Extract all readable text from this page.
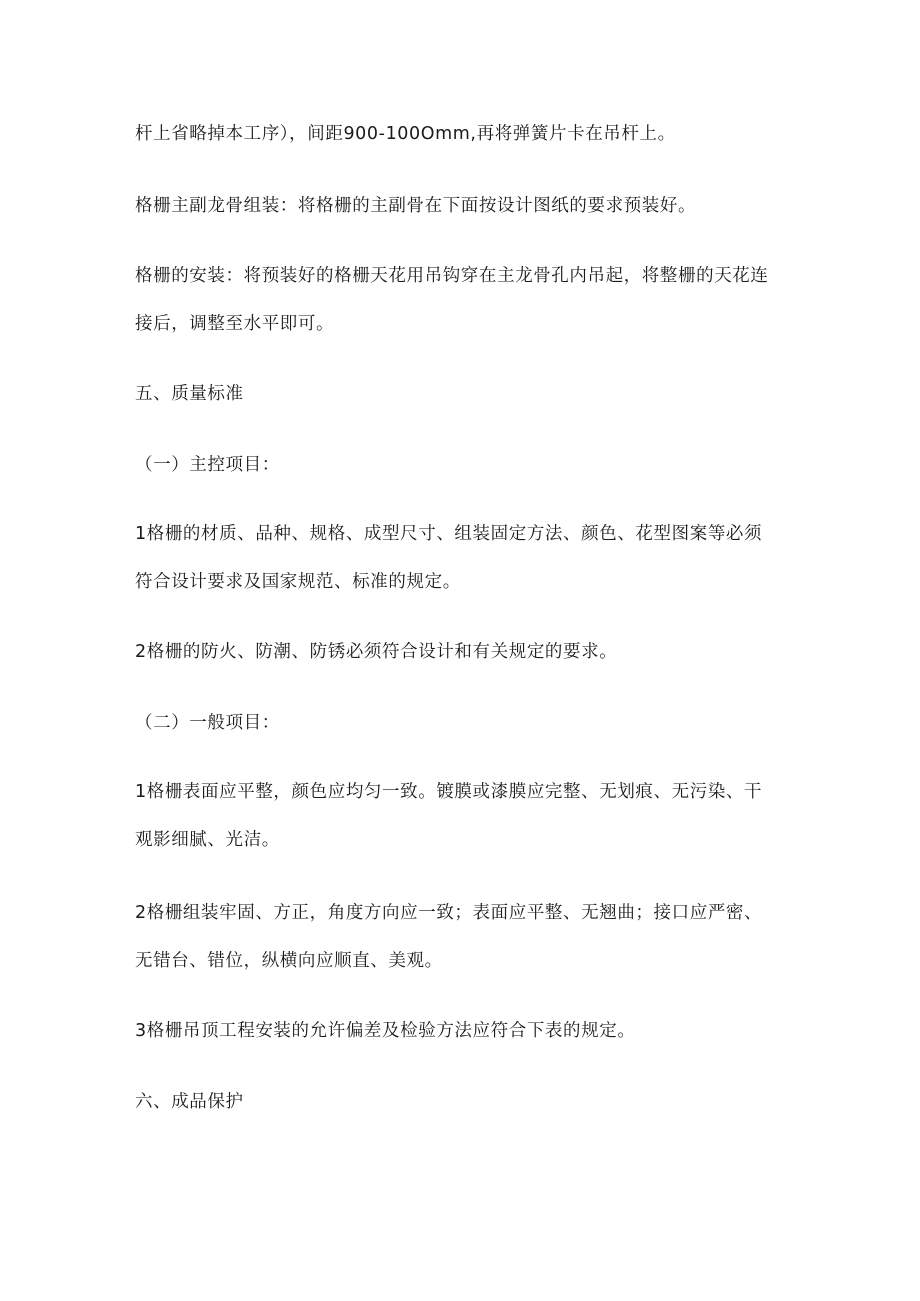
杆上省略掉本工序），间距900-100Omm,再将弹簧片卡在吊杆上。

格栅主副龙骨组装：将格栅的主副骨在下面按设计图纸的要求预装好。

格栅的安装：将预装好的格栅天花用吊钩穿在主龙骨孔内吊起，将整栅的天花连
接后，调整至水平即可。

五、质量标准

（一）主控项目：

1格栅的材质、品种、规格、成型尺寸、组装固定方法、颜色、花型图案等必须
符合设计要求及国家规范、标准的规定。

2格栅的防火、防潮、防锈必须符合设计和有关规定的要求。

（二）一般项目：

1格栅表面应平整，颜色应均匀一致。镀膜或漆膜应完整、无划痕、无污染、干
观影细腻、光洁。

2格栅组装牢固、方正，角度方向应一致；表面应平整、无翘曲；接口应严密、
无错台、错位，纵横向应顺直、美观。

3格栅吊顶工程安装的允许偏差及检验方法应符合下表的规定。

六、成品保护
